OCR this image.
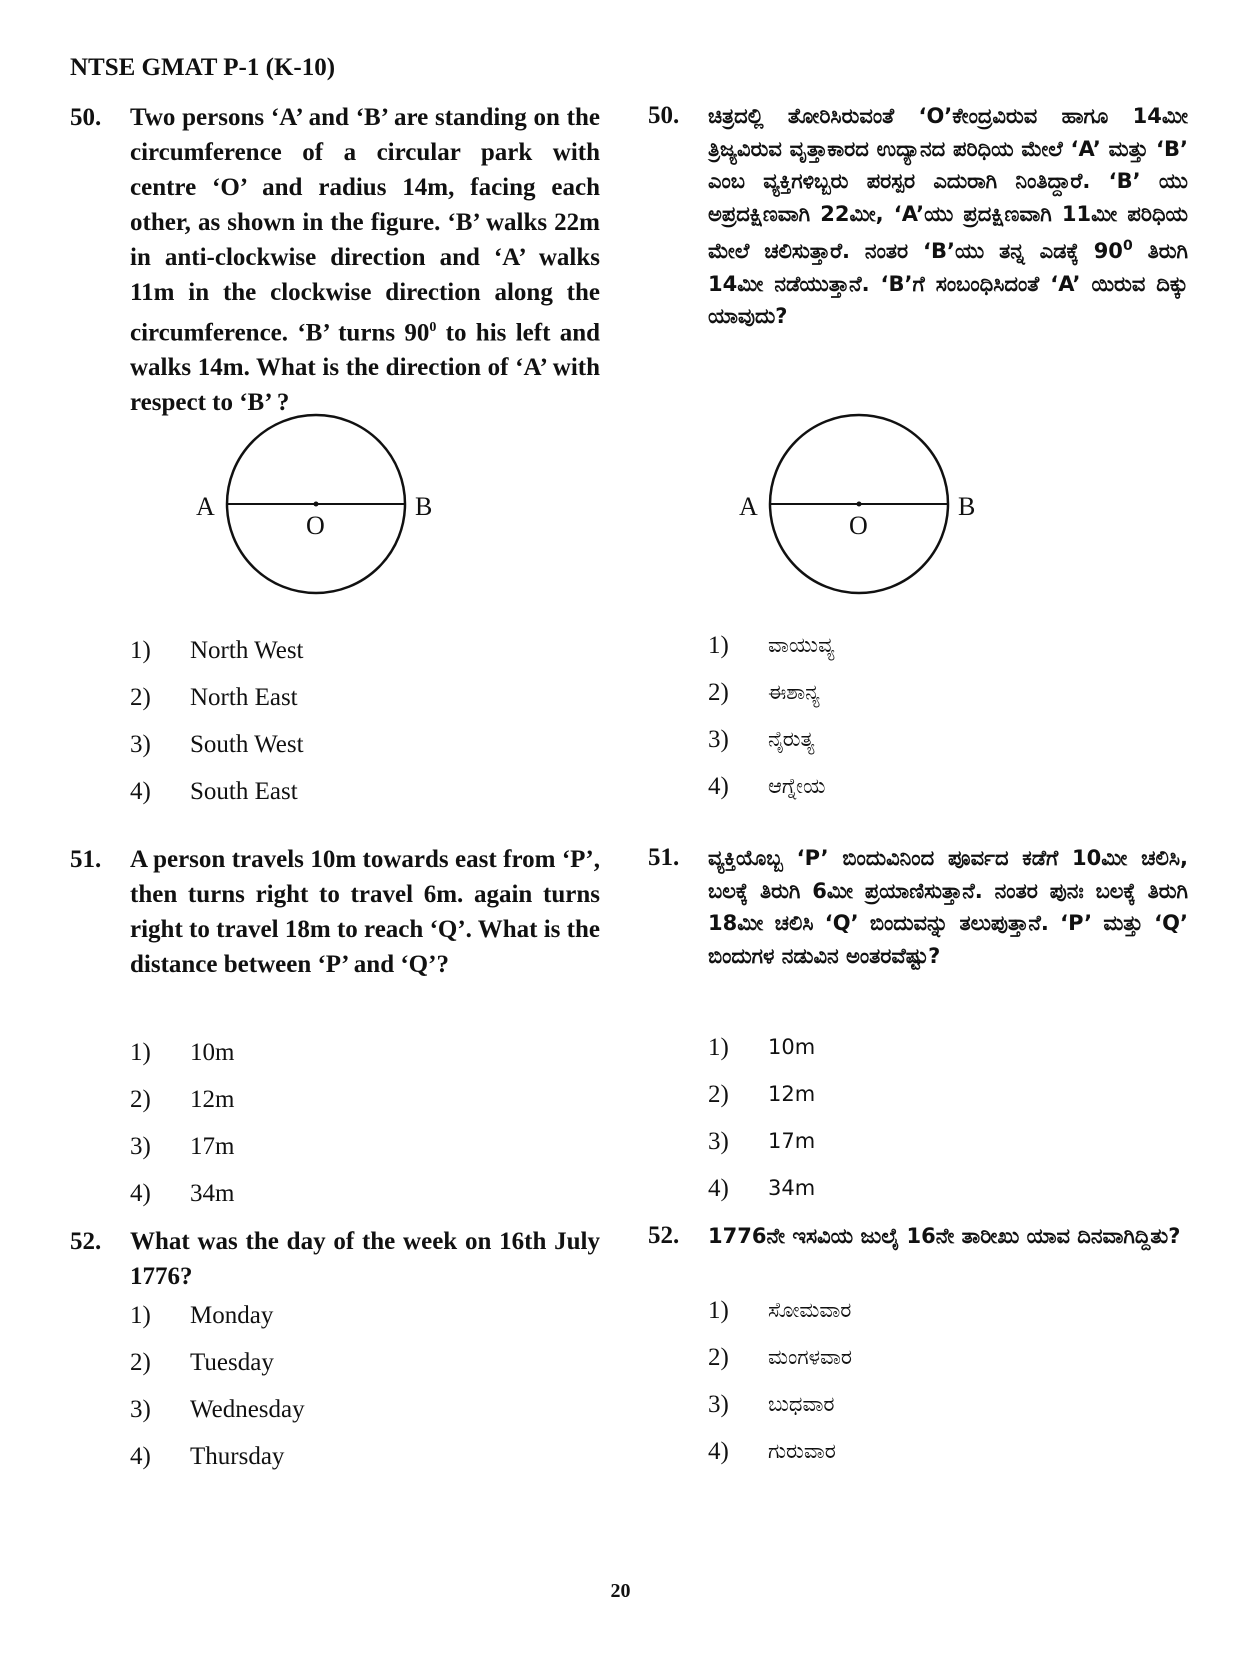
NTSE GMAT P-1 (K-10)
50. Two persons ‘A’ and ‘B’ are standing on the circumference of a circular park with centre ‘O’ and radius 14m, facing each other, as shown in the figure. ‘B’ walks 22m in anti-clockwise direction and ‘A’ walks 11m in the clockwise direction along the circumference. ‘B’ turns $90^0$ to his left and walks 14m. What is the direction of ‘A’ with respect to ‘B’ ?
A	B
O
1)	North West
2)	North East
3)	South West
4)	South East
51. A person travels 10m towards east from ‘P’, then turns right to travel 6m. again turns right to travel 18m to reach ‘Q’. What is the distance between ‘P’ and ‘Q’?
1)	10m
2)	12m
3)	17m
4)	34m
52. What was the day of the week on 16th July 1776?
1)	Monday
2)	Tuesday
3)	Wednesday
4)	Thursday
50. ಚಿತ್ರದಲ್ಲಿ ತೋರಿಸಿರುವಂತೆ ‘O’ಕೇಂದ್ರವಿರುವ ಹಾಗೂ 14ಮೀ ತ್ರಿಜ್ಯವಿರುವ ವೃತ್ತಾಕಾರದ ಉದ್ಯಾನದ ಪರಿಧಿಯ ಮೇಲೆ ‘A’ ಮತ್ತು ‘B’ ಎಂಬ ವ್ಯಕ್ತಿಗಳಿಬ್ಬರು ಪರಸ್ಪರ ಎದುರಾಗಿ ನಿಂತಿದ್ದಾರೆ. ‘B’ ಯು ಅಪ್ರದಕ್ಷಿಣವಾಗಿ 22ಮೀ, ‘A’ಯು ಪ್ರದಕ್ಷಿಣವಾಗಿ 11ಮೀ ಪರಿಧಿಯ ಮೇಲೆ ಚಲಿಸುತ್ತಾರೆ. ನಂತರ ‘B’ಯು ತನ್ನ ಎಡಕ್ಕೆ $90^0$ ತಿರುಗಿ 14ಮೀ ನಡೆಯುತ್ತಾನೆ. ‘B’ಗೆ ಸಂಬಂಧಿಸಿದಂತೆ ‘A’ ಯಿರುವ ದಿಕ್ಕು ಯಾವುದು?
A	B
O
1)	ವಾಯುವ್ಯ
2)	ಈಶಾನ್ಯ
3)	ನೈರುತ್ಯ
4)	ಆಗ್ನೇಯ
51. ವ್ಯಕ್ತಿಯೊಬ್ಬ ‘P’ ಬಿಂದುವಿನಿಂದ ಪೂರ್ವದ ಕಡೆಗೆ 10ಮೀ ಚಲಿಸಿ, ಬಲಕ್ಕೆ ತಿರುಗಿ 6ಮೀ ಪ್ರಯಾಣಿಸುತ್ತಾನೆ. ನಂತರ ಪುನಃ ಬಲಕ್ಕೆ ತಿರುಗಿ 18ಮೀ ಚಲಿಸಿ ‘Q’ ಬಿಂದುವನ್ನು ತಲುಪುತ್ತಾನೆ. ‘P’ ಮತ್ತು ‘Q’ ಬಿಂದುಗಳ ನಡುವಿನ ಅಂತರವೆಷ್ಟು?
1)	10m
2)	12m
3)	17m
4)	34m
52. 1776ನೇ ಇಸವಿಯ ಜುಲೈ 16ನೇ ತಾರೀಖು ಯಾವ ದಿನವಾಗಿದ್ದಿತು?
1)	ಸೋಮವಾರ
2)	ಮಂಗಳವಾರ
3)	ಬುಧವಾರ
4)	ಗುರುವಾರ
20
